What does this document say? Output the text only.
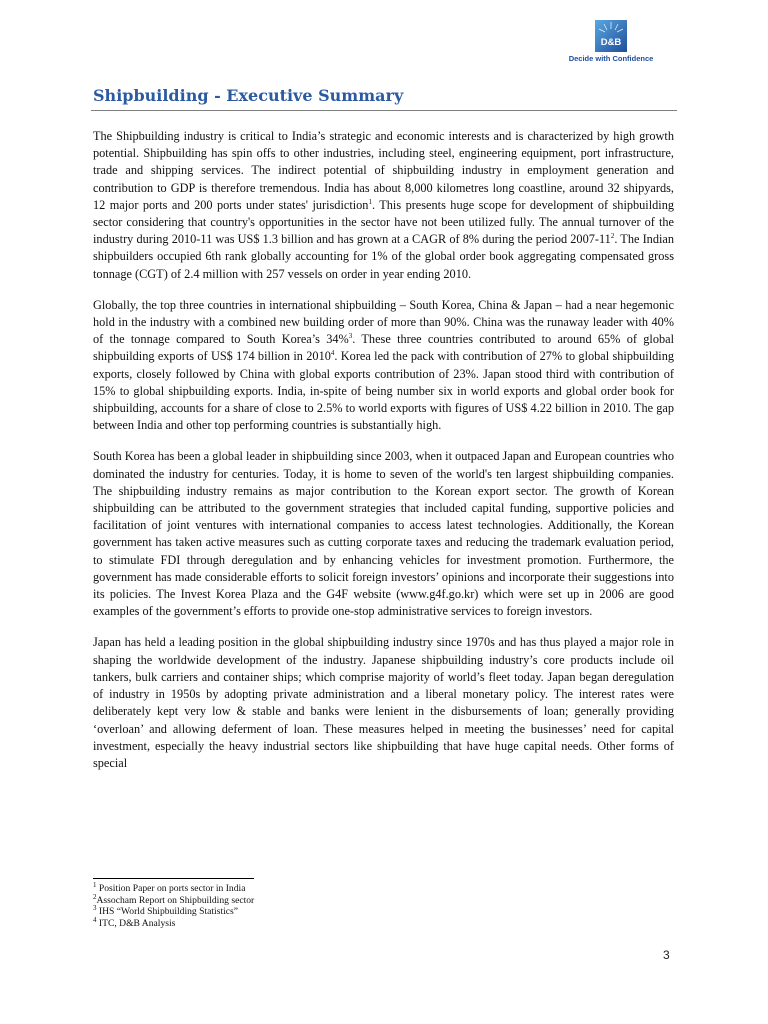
D&B
Decide with Confidence
Shipbuilding - Executive Summary

The Shipbuilding industry is critical to India’s strategic and economic interests and is characterized by high growth potential. Shipbuilding has spin offs to other industries, including steel, engineering equipment, port infrastructure, trade and shipping services. The indirect potential of shipbuilding industry in employment generation and contribution to GDP is therefore tremendous. India has about 8,000 kilometres long coastline, around 32 shipyards, 12 major ports and 200 ports under states' jurisdiction$^1$. This presents huge scope for development of shipbuilding sector considering that country's opportunities in the sector have not been utilized fully. The annual turnover of the industry during 2010-11 was US$ 1.3 billion and has grown at a CAGR of 8% during the period $2007-11^2$. The Indian shipbuilders occupied 6th rank globally accounting for 1% of the global order book aggregating compensated gross tonnage (CGT) of 2.4 million with 257 vessels on order in year ending 2010.

Globally, the top three countries in international shipbuilding – South Korea, China & Japan – had a near hegemonic hold in the industry with a combined new building order of more than 90%. China was the runaway leader with 40% of the tonnage compared to South Korea’s 34%$^3$. These three countries contributed to around 65% of global shipbuilding exports of US$ 174 billion in 2010$^4$. Korea led the pack with contribution of 27% to global shipbuilding exports, closely followed by China with global exports contribution of 23%. Japan stood third with contribution of 15% to global shipbuilding exports. India, in-spite of being number six in world exports and global order book for shipbuilding, accounts for a share of close to 2.5% to world exports with figures of US$ 4.22 billion in 2010. The gap between India and other top performing countries is substantially high.

South Korea has been a global leader in shipbuilding since 2003, when it outpaced Japan and European countries who dominated the industry for centuries. Today, it is home to seven of the world's ten largest shipbuilding companies. The shipbuilding industry remains as major contribution to the Korean export sector. The growth of Korean shipbuilding can be attributed to the government strategies that included capital funding, supportive policies and facilitation of joint ventures with international companies to access latest technologies. Additionally, the Korean government has taken active measures such as cutting corporate taxes and reducing the trademark evaluation period, to stimulate FDI through deregulation and by enhancing vehicles for investment promotion. Furthermore, the government has made considerable efforts to solicit foreign investors’ opinions and incorporate their suggestions into its policies. The Invest Korea Plaza and the G4F website (www.g4f.go.kr) which were set up in 2006 are good examples of the government’s efforts to provide one-stop administrative services to foreign investors.

Japan has held a leading position in the global shipbuilding industry since 1970s and has thus played a major role in shaping the worldwide development of the industry. Japanese shipbuilding industry’s core products include oil tankers, bulk carriers and container ships; which comprise majority of world’s fleet today. Japan began deregulation of industry in 1950s by adopting private administration and a liberal monetary policy. The interest rates were deliberately kept very low & stable and banks were lenient in the disbursements of loan; generally providing ‘overloan’ and allowing deferment of loan. These measures helped in meeting the businesses’ need for capital investment, especially the heavy industrial sectors like shipbuilding that have huge capital needs. Other forms of special

$^1$ Position Paper on ports sector in India

$^2$Assocham Report on Shipbuilding sector

$^3$ IHS “World Shipbuilding Statistics”

$^4$ ITC, D&B Analysis

3
